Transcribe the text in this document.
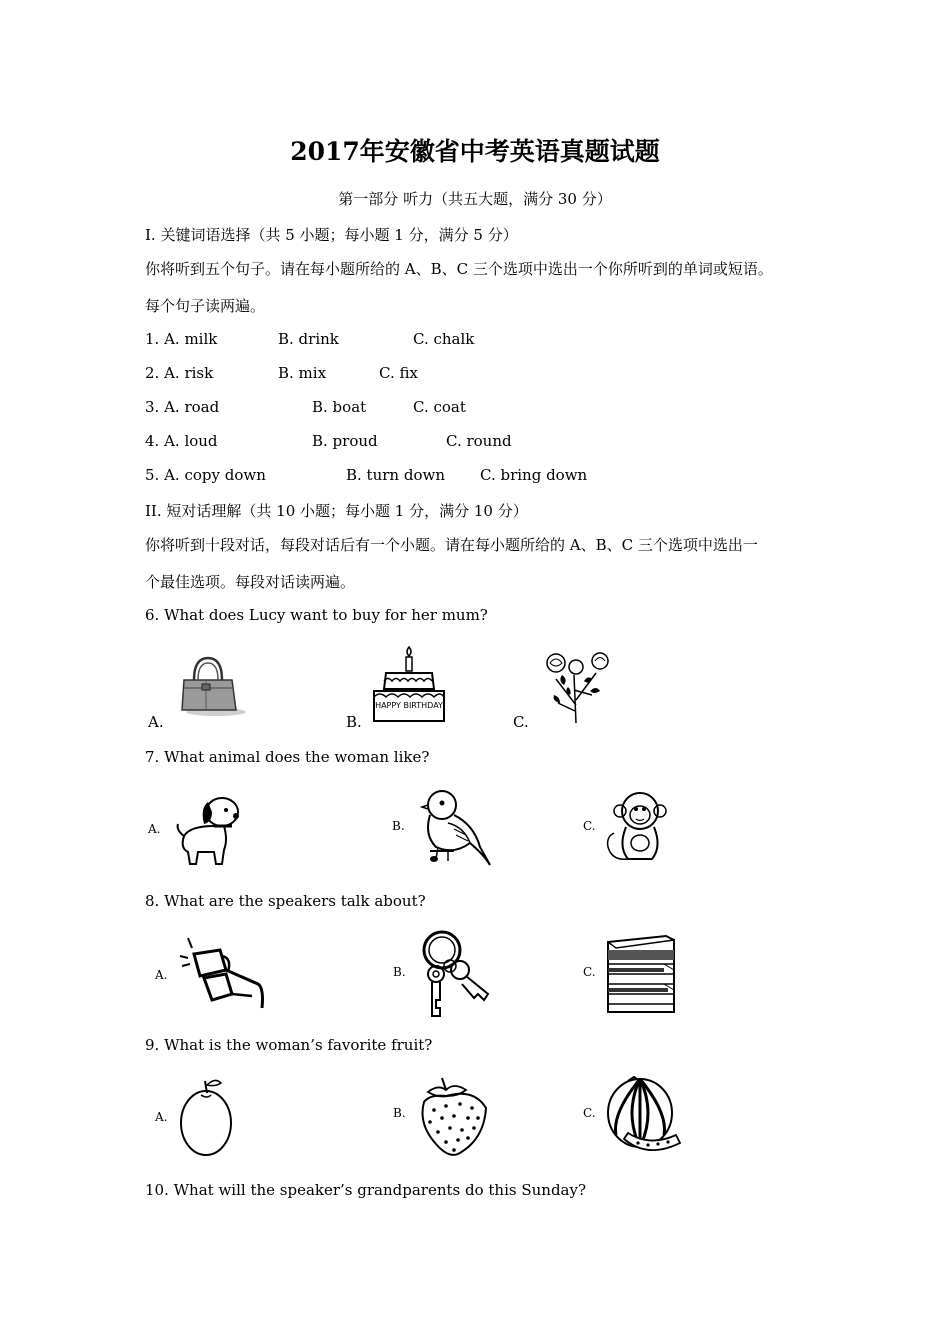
2017年安徽省中考英语真题试题
第一部分 听力（共五大题，满分 30 分）
I. 关键词语选择（共 5 小题；每小题 1 分，满分 5 分）
你将听到五个句子。请在每小题所给的 A、B、C 三个选项中选出一个你所听到的单词或短语。
每个句子读两遍。
1. A. milk	B. drink	C. chalk
2. A. risk	B. mix	C. fix
3. A. road	B. boat	C. coat
4. A. loud	B. proud	C. round
5. A. copy down	B. turn down C. bring down
II. 短对话理解（共 10 小题；每小题 1 分，满分 10 分）
你将听到十段对话，每段对话后有一个小题。请在每小题所给的 A、B、C 三个选项中选出一
个最佳选项。每段对话读两遍。
6. What does Lucy want to buy for her mum?
A.	B.	C.
HAPPY BIRTHDAY
7. What animal does the woman like?
A.	B.	C.
8. What are the speakers talk about?
A.	B.	C.
9. What is the woman’s favorite fruit?
A.	B.	C.
10. What will the speaker’s grandparents do this Sunday?
